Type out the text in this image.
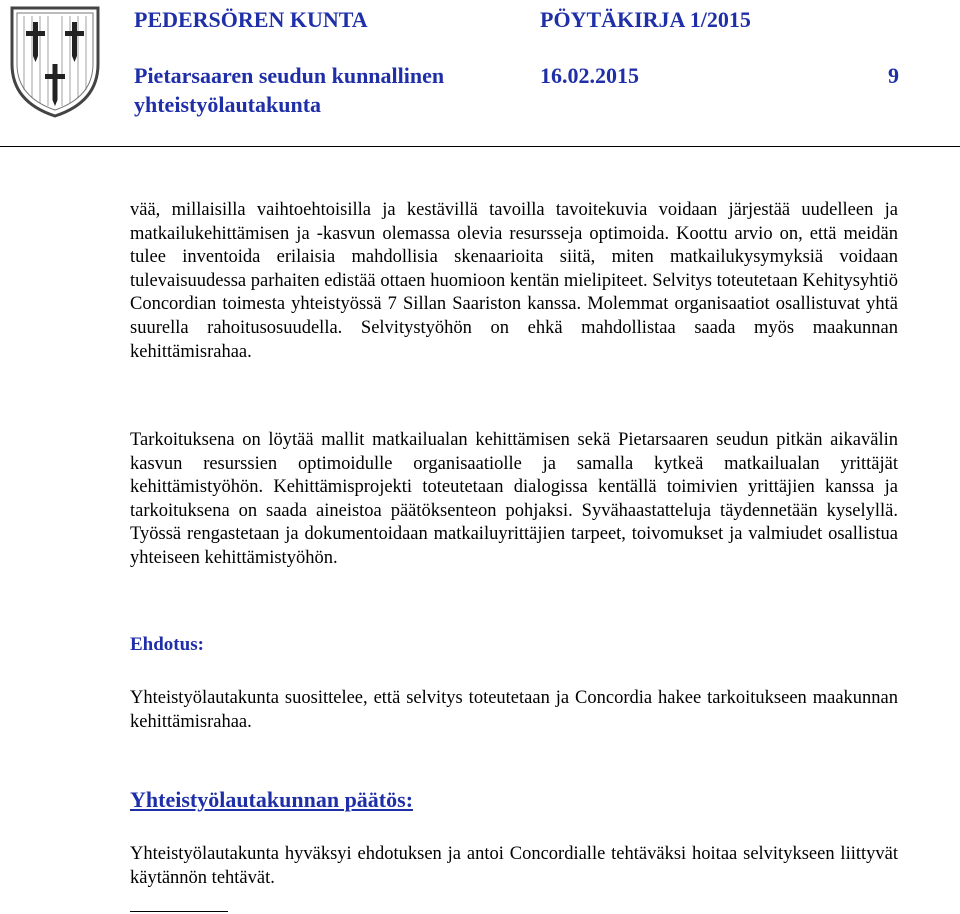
PEDERSÖREN KUNTA
Pietarsaaren seudun kunnallinen
yhteistyölautakunta
PÖYTÄKIRJA 1/2015
16.02.2015	9

vää, millaisilla vaihtoehtoisilla ja kestävillä tavoilla tavoitekuvia voidaan järjestää uudelleen ja matkailukehittämisen ja -kasvun olemassa olevia resursseja optimoida. Koottu arvio on, että meidän tulee inventoida erilaisia mahdollisia skenaarioita siitä, miten matkailukysymyksiä voidaan tulevaisuudessa parhaiten edistää ottaen huomioon kentän mielipiteet. Selvitys toteutetaan Kehitysyhtiö Concordian toimesta yhteistyössä 7 Sillan Saariston kanssa. Molemmat organisaatiot osallistuvat yhtä suurella rahoitusosuudella. Selvitystyöhön on ehkä mahdollistaa saada myös maakunnan kehittämisrahaa.

Tarkoituksena on löytää mallit matkailualan kehittämisen sekä Pietarsaaren seudun pitkän aikavälin kasvun resurssien optimoidulle organisaatiolle ja samalla kytkeä matkailualan yrittäjät kehittämistyöhön. Kehittämisprojekti toteutetaan dialogissa kentällä toimivien yrittäjien kanssa ja tarkoituksena on saada aineistoa päätöksenteon pohjaksi. Syvähaastatteluja täydennetään kyselyllä. Työssä rengastetaan ja dokumentoidaan matkailuyrittäjien tarpeet, toivomukset ja valmiudet osallistua yhteiseen kehittämistyöhön.

Ehdotus:

Yhteistyölautakunta suosittelee, että selvitys toteutetaan ja Concordia hakee tarkoitukseen maakunnan kehittämisrahaa.

Yhteistyölautakunnan päätös:

Yhteistyölautakunta hyväksyi ehdotuksen ja antoi Concordialle tehtäväksi hoitaa selvitykseen liittyvät käytännön tehtävät.
